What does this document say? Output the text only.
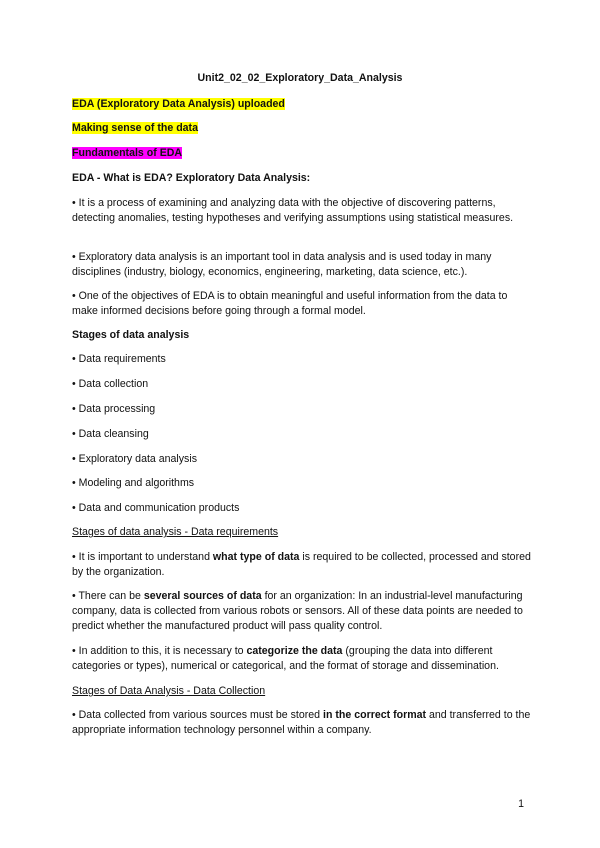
Unit2_02_02_Exploratory_Data_Analysis
EDA (Exploratory Data Analysis) uploaded
Making sense of the data
Fundamentals of EDA
EDA - What is EDA? Exploratory Data Analysis:
• It is a process of examining and analyzing data with the objective of discovering patterns, detecting anomalies, testing hypotheses and verifying assumptions using statistical measures.
• Exploratory data analysis is an important tool in data analysis and is used today in many disciplines (industry, biology, economics, engineering, marketing, data science, etc.).
• One of the objectives of EDA is to obtain meaningful and useful information from the data to make informed decisions before going through a formal model.
Stages of data analysis
• Data requirements
• Data collection
• Data processing
• Data cleansing
• Exploratory data analysis
• Modeling and algorithms
• Data and communication products
Stages of data analysis - Data requirements
• It is important to understand what type of data is required to be collected, processed and stored by the organization.
• There can be several sources of data for an organization: In an industrial-level manufacturing company, data is collected from various robots or sensors. All of these data points are needed to predict whether the manufactured product will pass quality control.
• In addition to this, it is necessary to categorize the data (grouping the data into different categories or types), numerical or categorical, and the format of storage and dissemination.
Stages of Data Analysis - Data Collection
• Data collected from various sources must be stored in the correct format and transferred to the appropriate information technology personnel within a company.
1
